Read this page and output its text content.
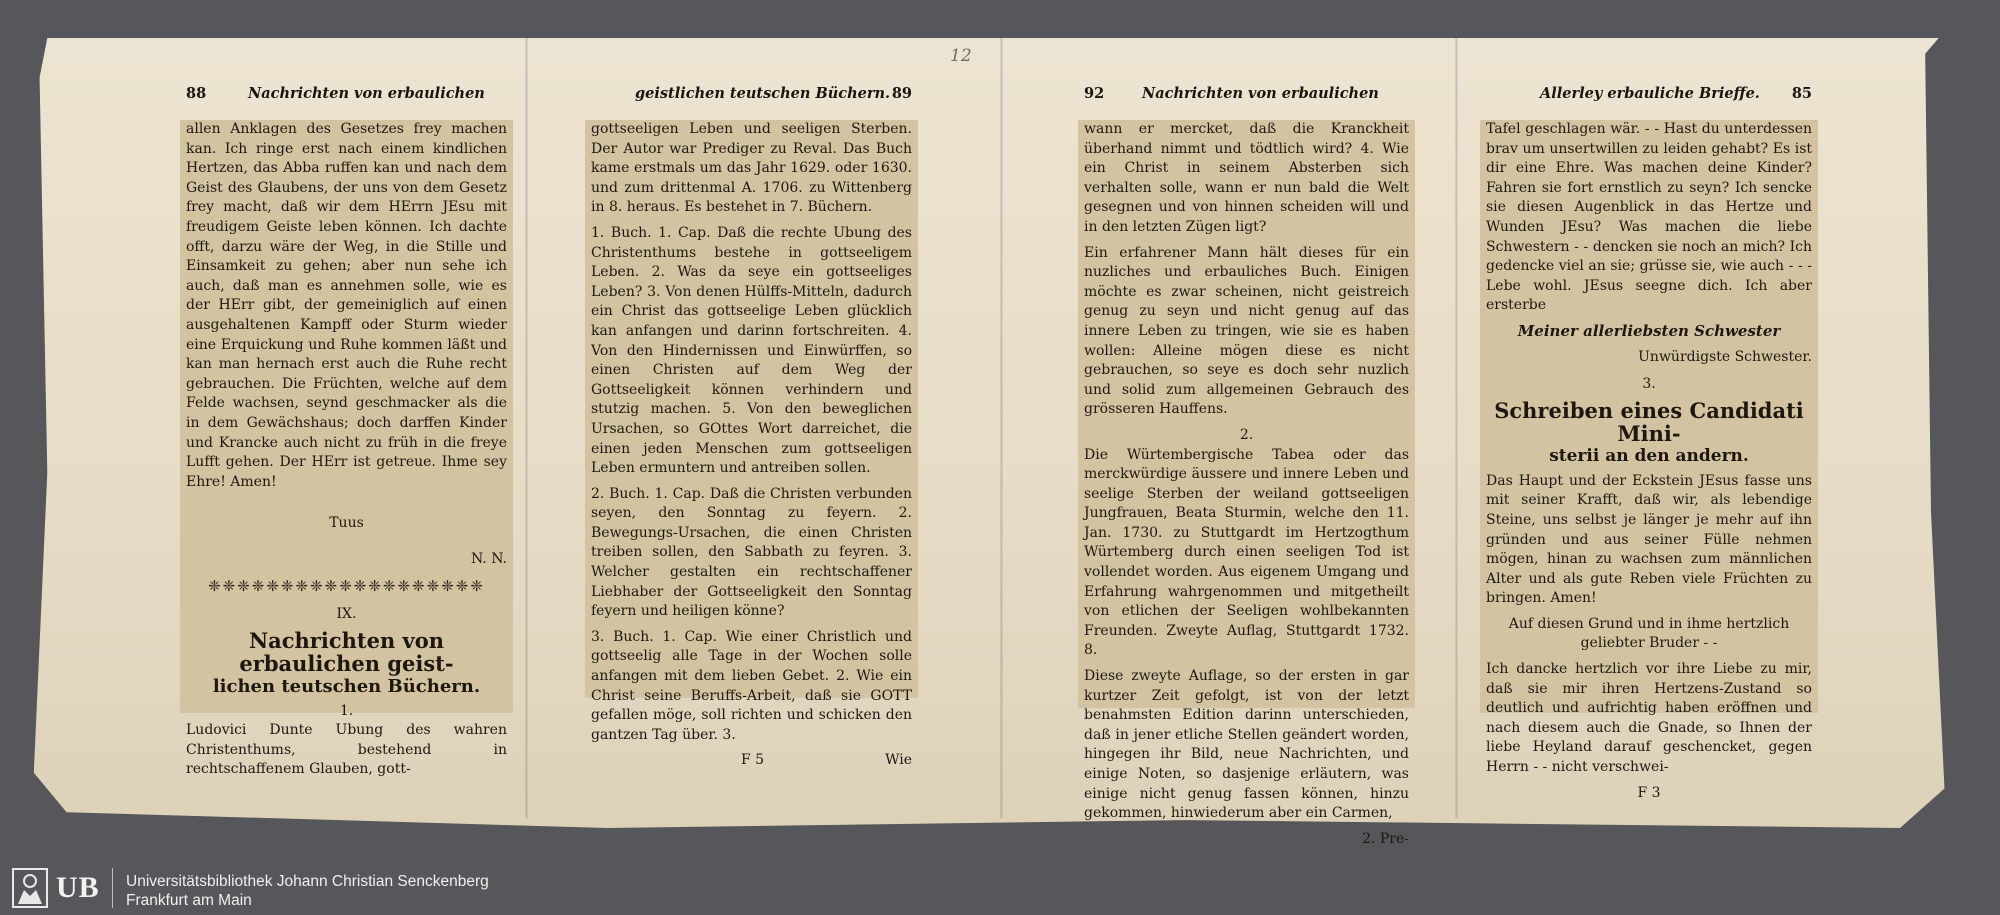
12
88	Nachrichten von erbaulichen

allen Anklagen des Gesetzes frey machen kan. Ich ringe erst nach einem kindlichen Hertzen, das Abba ruffen kan und nach dem Geist des Glaubens, der uns von dem Gesetz frey macht, daß wir dem HErrn JEsu mit freudigem Geiste leben können. Ich dachte offt, darzu wäre der Weg, in die Stille und Einsamkeit zu gehen; aber nun sehe ich auch, daß man es annehmen solle, wie es der HErr gibt, der gemeiniglich auf einen ausgehaltenen Kampff oder Sturm wieder eine Erquickung und Ruhe kommen läßt und kan man hernach erst auch die Ruhe recht gebrauchen. Die Früchten, welche auf dem Felde wachsen, seynd geschmacker als die in dem Gewächshaus; doch darffen Kinder und Krancke auch nicht zu früh in die freye Lufft gehen. Der HErr ist getreue. Ihme sey Ehre! Amen!

Tuus
N. N.
❈❈❈❈❈❈❈❈❈❈❈❈❈❈❈❈❈❈❈
IX.
Nachrichten von erbaulichen geist-
lichen teutschen Büchern.
1.

Ludovici Dunte Ubung des wahren Christenthums, bestehend in rechtschaffenem Glauben, gott-

geistlichen teutschen Büchern. 89

gottseeligen Leben und seeligen Sterben. Der Autor war Prediger zu Reval. Das Buch kame erstmals um das Jahr 1629. oder 1630. und zum drittenmal A. 1706. zu Wittenberg in 8. heraus. Es bestehet in 7. Büchern.

1. Buch. 1. Cap. Daß die rechte Ubung des Christenthums bestehe in gottseeligem Leben. 2. Was da seye ein gottseeliges Leben? 3. Von denen Hülffs-Mitteln, dadurch ein Christ das gottseelige Leben glücklich kan anfangen und darinn fortschreiten. 4. Von den Hindernissen und Einwürffen, so einen Christen auf dem Weg der Gottseeligkeit können verhindern und stutzig machen. 5. Von den beweglichen Ursachen, so GOttes Wort darreichet, die einen jeden Menschen zum gottseeligen Leben ermuntern und antreiben sollen.

2. Buch. 1. Cap. Daß die Christen verbunden seyen, den Sonntag zu feyern. 2. Bewegungs-Ursachen, die einen Christen treiben sollen, den Sabbath zu feyren. 3. Welcher gestalten ein rechtschaffener Liebhaber der Gottseeligkeit den Sonntag feyern und heiligen könne?

3. Buch. 1. Cap. Wie einer Christlich und gottseelig alle Tage in der Wochen solle anfangen mit dem lieben Gebet. 2. Wie ein Christ seine Beruffs-Arbeit, daß sie GOTT gefallen möge, soll richten und schicken den gantzen Tag über. 3.

F 5	Wie
92	Nachrichten von erbaulichen

wann er mercket, daß die Kranckheit überhand nimmt und tödtlich wird? 4. Wie ein Christ in seinem Absterben sich verhalten solle, wann er nun bald die Welt gesegnen und von hinnen scheiden will und in den letzten Zügen ligt?

Ein erfahrener Mann hält dieses für ein nuzliches und erbauliches Buch. Einigen möchte es zwar scheinen, nicht geistreich genug zu seyn und nicht genug auf das innere Leben zu tringen, wie sie es haben wollen: Alleine mögen diese es nicht gebrauchen, so seye es doch sehr nuzlich und solid zum allgemeinen Gebrauch des grösseren Hauffens.

2.

Die Würtembergische Tabea oder das merckwürdige äussere und innere Leben und seelige Sterben der weiland gottseeligen Jungfrauen, Beata Sturmin, welche den 11. Jan. 1730. zu Stuttgardt im Hertzogthum Würtemberg durch einen seeligen Tod ist vollendet worden. Aus eigenem Umgang und Erfahrung wahrgenommen und mitgetheilt von etlichen der Seeligen wohlbekannten Freunden. Zweyte Auflag, Stuttgardt 1732. 8.

Diese zweyte Auflage, so der ersten in gar kurtzer Zeit gefolgt, ist von der letzt benahmsten Edition darinn unterschieden, daß in jener etliche Stellen geändert worden, hingegen ihr Bild, neue Nachrichten, und einige Noten, so dasjenige erläutern, was einige nicht genug fassen können, hinzu gekommen, hinwiederum aber ein Carmen,

2. Pre-
Allerley erbauliche Brieffe. 85

Tafel geschlagen wär. - - Hast du unterdessen brav um unsertwillen zu leiden gehabt? Es ist dir eine Ehre. Was machen deine Kinder? Fahren sie fort ernstlich zu seyn? Ich sencke sie diesen Augenblick in das Hertze und Wunden JEsu? Was machen die liebe Schwestern - - dencken sie noch an mich? Ich gedencke viel an sie; grüsse sie, wie auch - - - Lebe wohl. JEsus seegne dich. Ich aber ersterbe

Meiner allerliebsten Schwester
Unwürdigste Schwester.
3.
Schreiben eines Candidati Mini-
sterii an den andern.

Das Haupt und der Eckstein JEsus fasse uns mit seiner Krafft, daß wir, als lebendige Steine, uns selbst je länger je mehr auf ihn gründen und aus seiner Fülle nehmen mögen, hinan zu wachsen zum männlichen Alter und als gute Reben viele Früchten zu bringen. Amen!

Auf diesen Grund und in ihme hertzlich
geliebter Bruder - -

Ich dancke hertzlich vor ihre Liebe zu mir, daß sie mir ihren Hertzens-Zustand so deutlich und aufrichtig haben eröffnen und nach diesem auch die Gnade, so Ihnen der liebe Heyland darauf geschencket, gegen Herrn - - nicht verschwei-

F 3
UB Universitätsbibliothek Johann Christian Senckenberg
Frankfurt am Main
